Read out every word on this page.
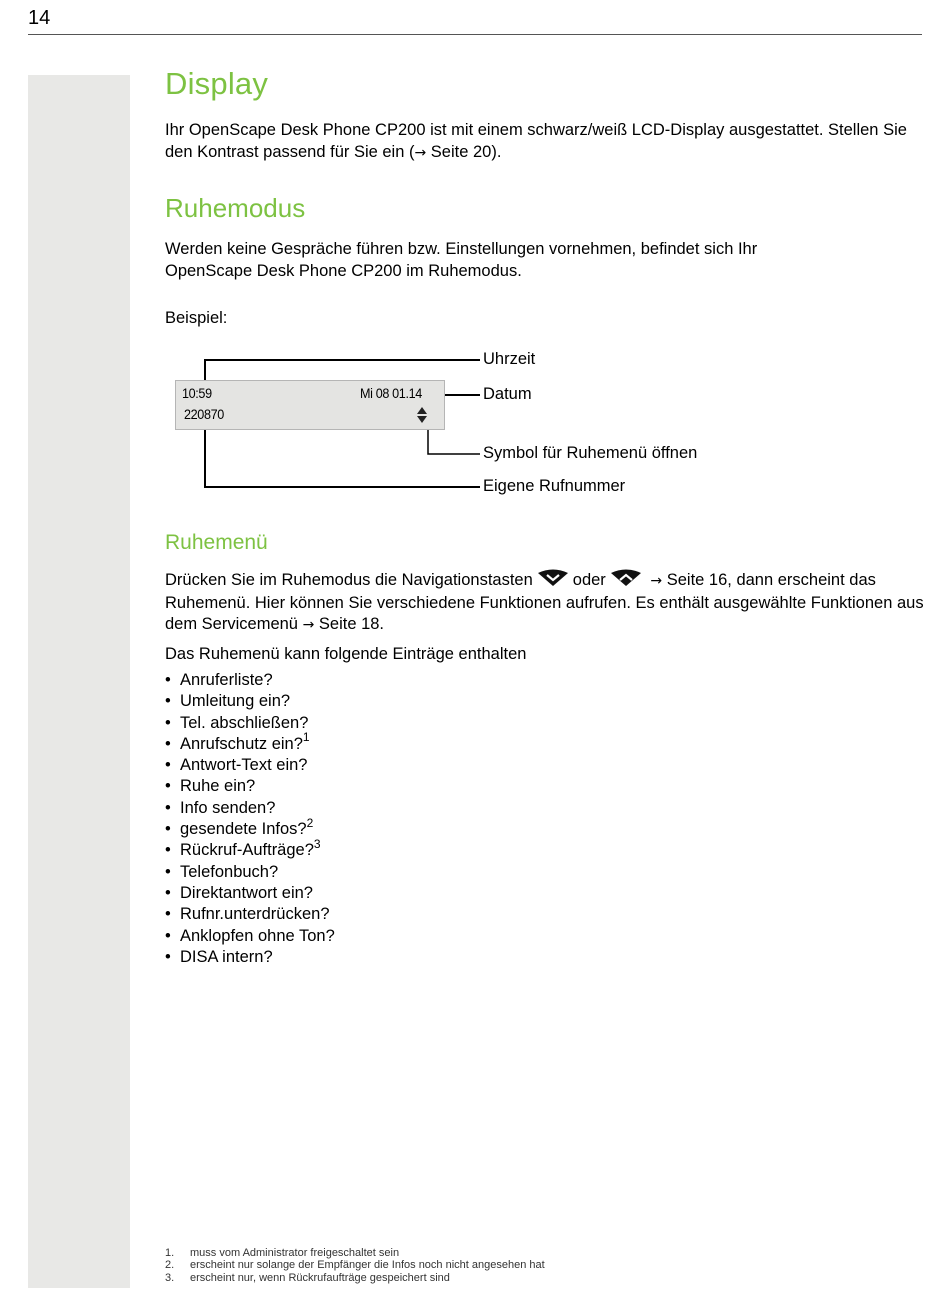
14
Display

Ihr OpenScape Desk Phone CP200 ist mit einem schwarz/weiß LCD-Display ausgestattet. Stellen Sie den Kontrast passend für Sie ein (→ Seite 20).

Ruhemodus

Werden keine Gespräche führen bzw. Einstellungen vornehmen, befindet sich Ihr OpenScape Desk Phone CP200 im Ruhemodus.

Beispiel:

Ruhemenü

Drücken Sie im Ruhemodus die Navigationstasten oder	→ Seite 16, dann erscheint das Ruhemenü. Hier können Sie verschiedene Funktionen aufrufen. Es enthält ausgewählte Funktionen aus dem Servicemenü → Seite 18.

Das Ruhemenü kann folgende Einträge enthalten

• Anruferliste?
• Umleitung ein?
• Tel. abschließen?
• Anrufschutz ein?$^1$
• Antwort-Text ein?
• Ruhe ein?
• Info senden?
• gesendete Infos?$^2$
• Rückruf-Aufträge?$^3$
• Telefonbuch?
• Direktantwort ein?
• Rufnr.unterdrücken?
• Anklopfen ohne Ton?
• DISA intern?
10:59	Mi 08 01.14
220870
Uhrzeit
Datum
Symbol für Ruhemenü öffnen
Eigene Rufnummer
1.	muss vom Administrator freigeschaltet sein
2.	erscheint nur solange der Empfänger die Infos noch nicht angesehen hat
3.	erscheint nur, wenn Rückrufaufträge gespeichert sind
